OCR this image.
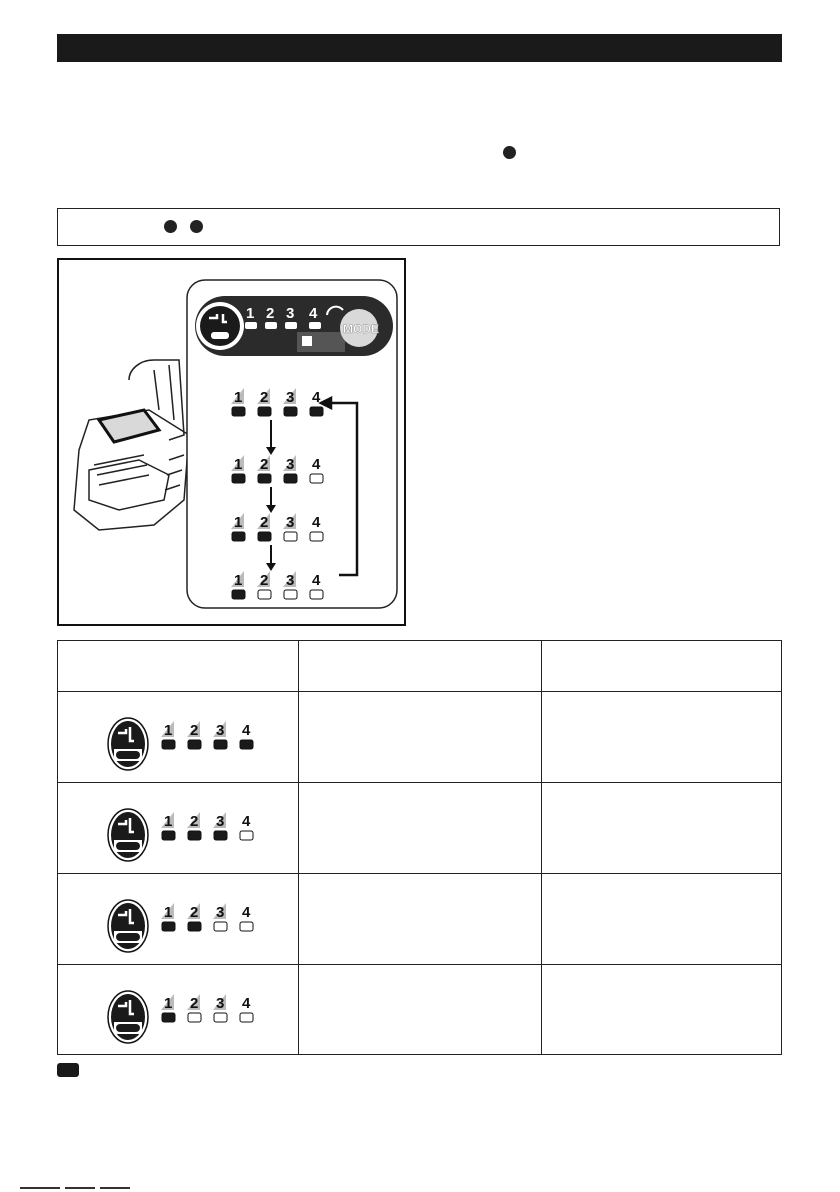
1 2 3 4
MODE
1 2 3 4
1 2 3 4
1 2 3 4
1 2 3 4
1 2 3 4
1 2 3 4
1 2 3 4
1 2 3 4
